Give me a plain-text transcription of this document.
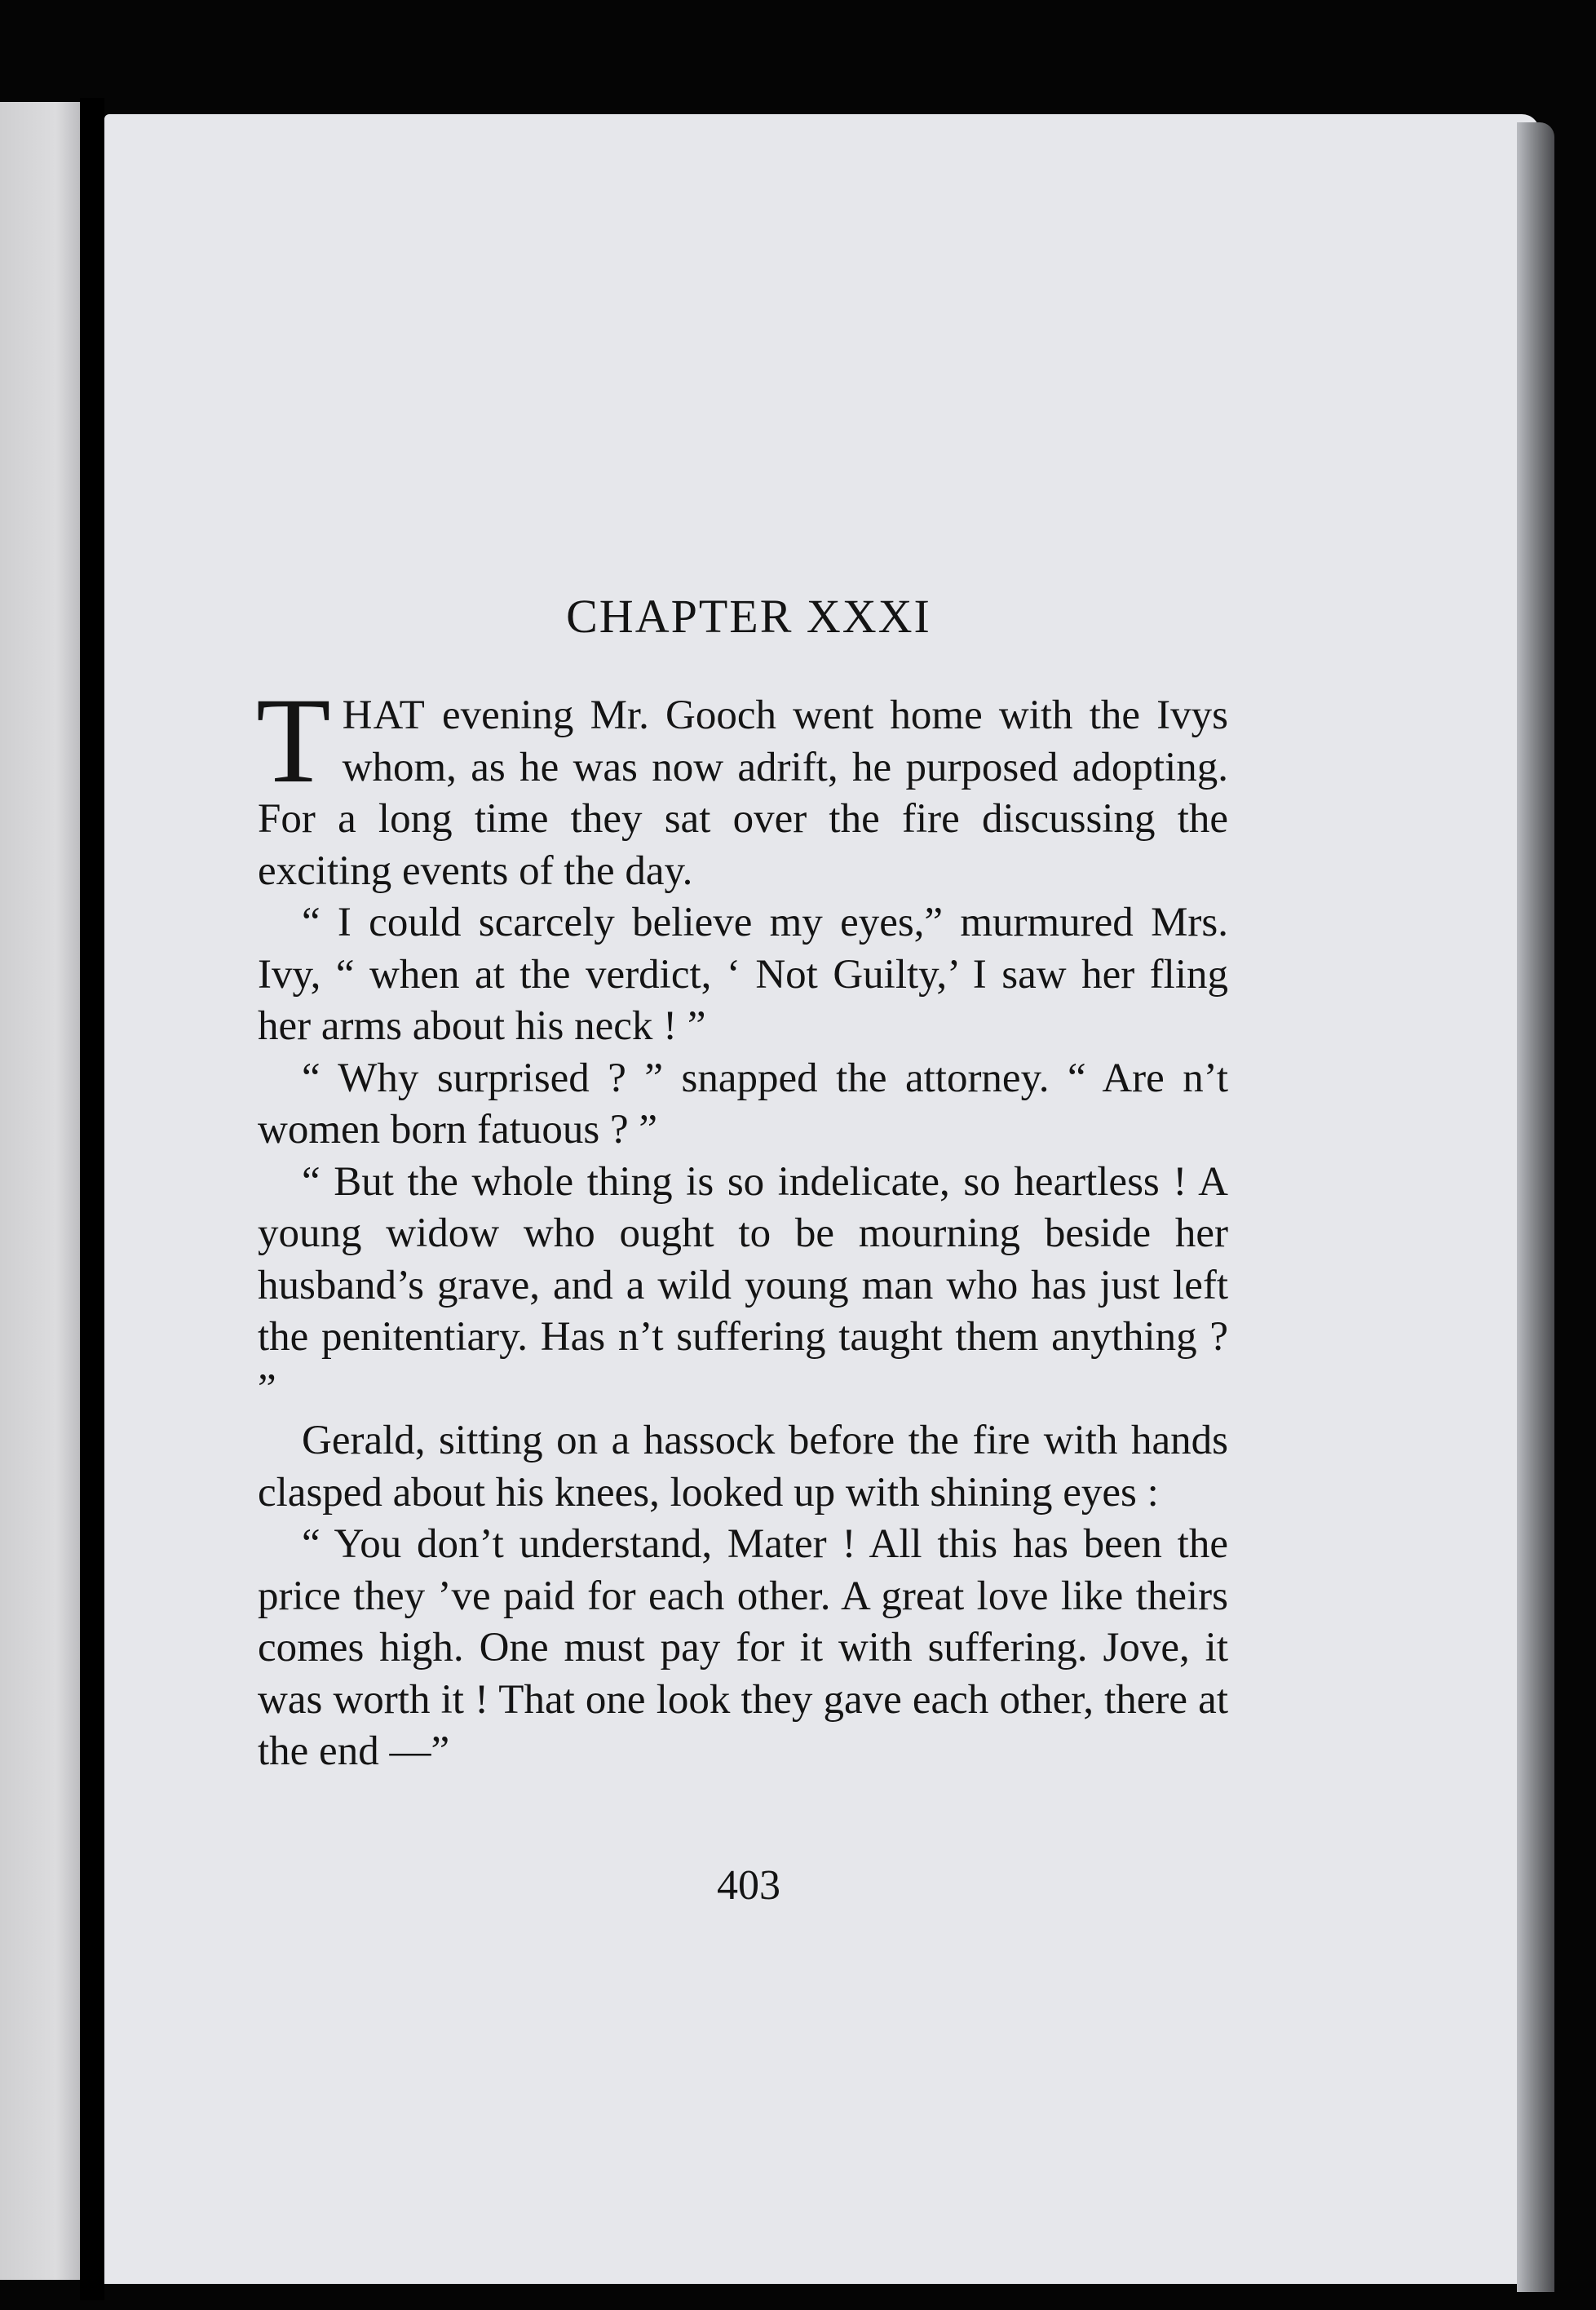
CHAPTER XXXI

THAT evening Mr. Gooch went home with the Ivys whom, as he was now adrift, he purposed adopting. For a long time they sat over the fire discussing the exciting events of the day.

“ I could scarcely believe my eyes,” murmured Mrs. Ivy, “ when at the verdict, ‘ Not Guilty,’ I saw her fling her arms about his neck ! ”

“ Why surprised ? ” snapped the attorney. “ Are n’t women born fatuous ? ”

“ But the whole thing is so indelicate, so heartless ! A young widow who ought to be mourning beside her husband’s grave, and a wild young man who has just left the penitentiary. Has n’t suffering taught them anything ? ”

Gerald, sitting on a hassock before the fire with hands clasped about his knees, looked up with shining eyes :

“ You don’t understand, Mater ! All this has been the price they ’ve paid for each other. A great love like theirs comes high. One must pay for it with suffering. Jove, it was worth it ! That one look they gave each other, there at the end —”

403
